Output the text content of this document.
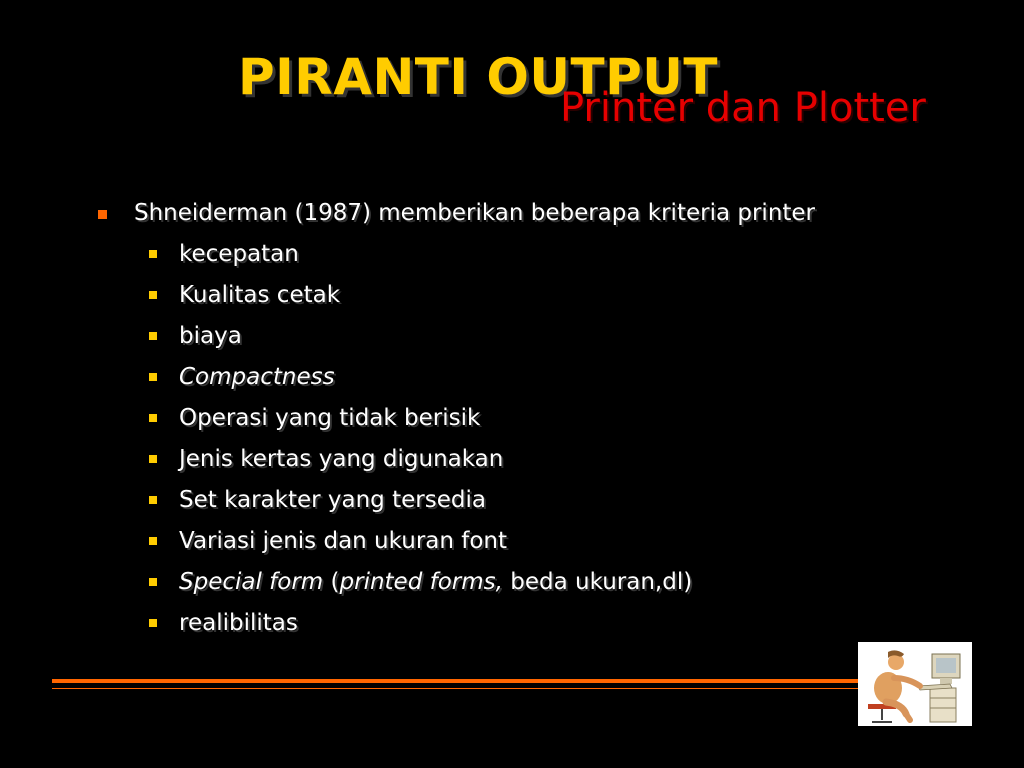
PIRANTI OUTPUT
Printer dan Plotter
Shneiderman (1987) memberikan beberapa kriteria printer
kecepatan
Kualitas cetak
biaya
Compactness
Operasi yang tidak berisik
Jenis kertas yang digunakan
Set karakter yang tersedia
Variasi jenis dan ukuran font
Special form (printed forms, beda ukuran,dl)
realibilitas
